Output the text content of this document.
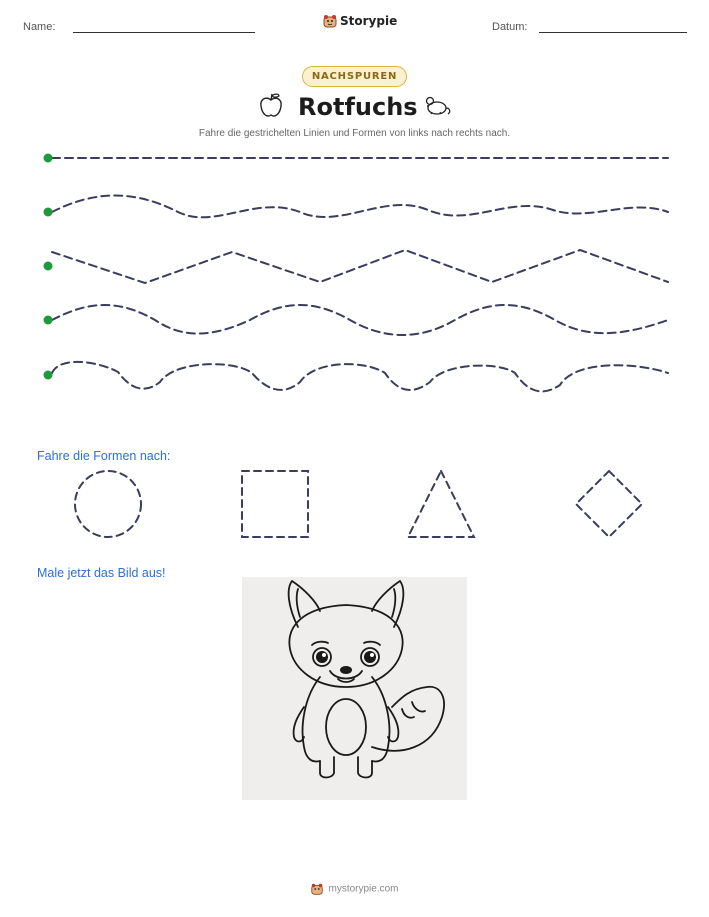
Name:	Storypie	Datum:
NACHSPUREN
Rotfuchs
Fahre die gestrichelten Linien und Formen von links nach rechts nach.
Fahre die Formen nach:
Male jetzt das Bild aus!
mystorypie.com
